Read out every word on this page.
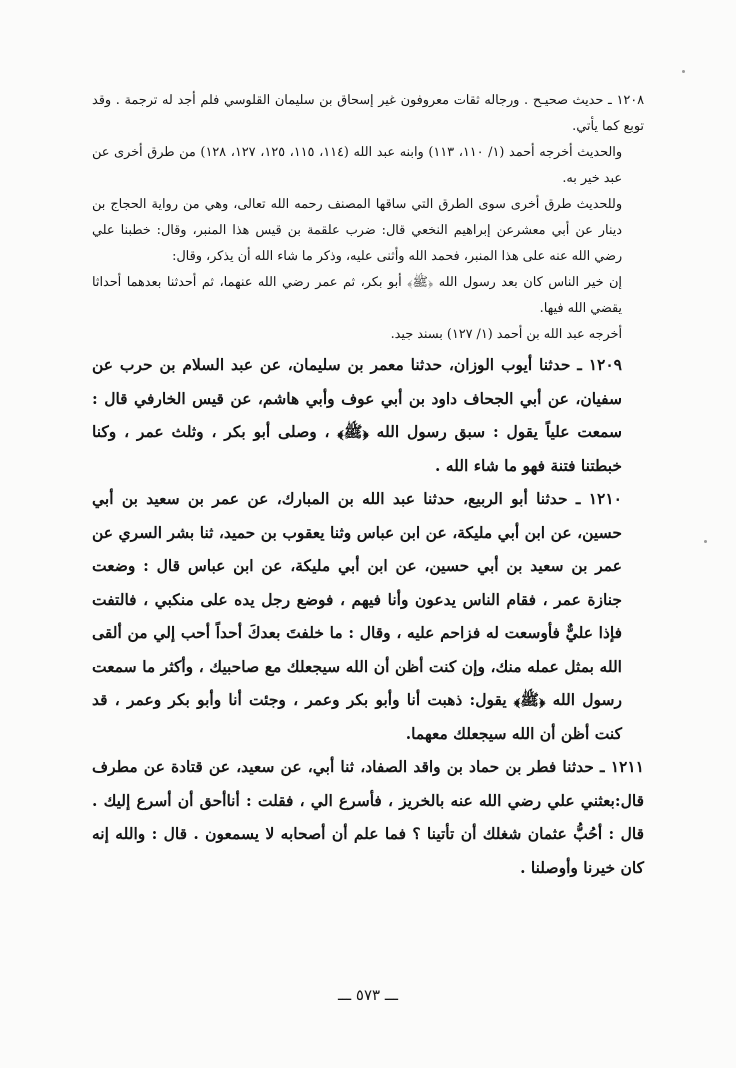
١٢٠٨ ـ حديث صحيـح . ورجاله ثقات معروفون غير إسحاق بن سليمان القلوسي فلم أجد له ترجمة . وقد توبع كما يأتي.

والحديث أخرجه أحمد (١/ ١١٠، ١١٣) وابنه عبد الله (١١٤، ١١٥، ١٢٥، ١٢٧، ١٢٨) من طرق أخرى عن عبد خير به.

وللحديث طرق أخرى سوى الطرق التي ساقها المصنف رحمه الله تعالى، وهي من رواية الحجاج بن دينار عن أبي معشرعن إبراهيم النخعي قال: ضرب علقمة بن قيس هذا المنبر، وقال: خطبنا علي رضي الله عنه على هذا المنبر، فحمد الله وأثنى عليه، وذكر ما شاء الله أن يذكر، وقال:

إن خير الناس كان بعد رسول الله ﴿ﷺ﴾ أبو بكر، ثم عمر رضي الله عنهما، ثم أحدثنا بعدهما أحداثا يقضي الله فيها.

أخرجه عبد الله بن أحمد (١/ ١٢٧) بسند جيد.

١٢٠٩ ـ حدثنا أيوب الوزان، حدثنا معمر بن سليمان، عن عبد السلام بن حرب عن سفيان، عن أبي الجحاف داود بن أبي عوف وأبي هاشم، عن قيس الخارفي قال : سمعت علياً يقول : سبق رسول الله ﴿ﷺ﴾ ، وصلى أبو بكر ، وثلث عمر ، وكنا خبطتنا فتنة فهو ما شاء الله .

١٢١٠ ـ حدثنا أبو الربيع، حدثنا عبد الله بن المبارك، عن عمر بن سعيد بن أبي حسين، عن ابن أبي مليكة، عن ابن عباس وثنا يعقوب بن حميد، ثنا بشر السري عن عمر بن سعيد بن أبي حسين، عن ابن أبي مليكة، عن ابن عباس قال : وضعت جنازة عمر ، فقام الناس يدعون وأنا فيهم ، فوضع رجل يده على منكبي ، فالتفت فإذا عليٌّ فأوسعت له فزاحم عليه ، وقال : ما خلفتَ بعدكَ أحداً أحب إلي من ألقى الله بمثل عمله منك، وإن كنت أظن أن الله سيجعلك مع صاحبيك ، وأكثر ما سمعت رسول الله ﴿ﷺ﴾ يقول: ذهبت أنا وأبو بكر وعمر ، وجئت أنا وأبو بكر وعمر ، قد كنت أظن أن الله سيجعلك معهما.

١٢١١ ـ حدثنا فطر بن حماد بن واقد الصفاد، ثنا أبي، عن سعيد، عن قتادة عن مطرف قال:بعثني علي رضي الله عنه بالخريز ، فأسرع الي ، فقلت : أناأحق أن أسرع إليك . قال : أحُبُّ عثمان شغلك أن تأتينا ؟ فما علم أن أصحابه لا يسمعون . قال : والله إنه كان خيرنا وأوصلنا .

ـــ ٥٧٣ ـــ
